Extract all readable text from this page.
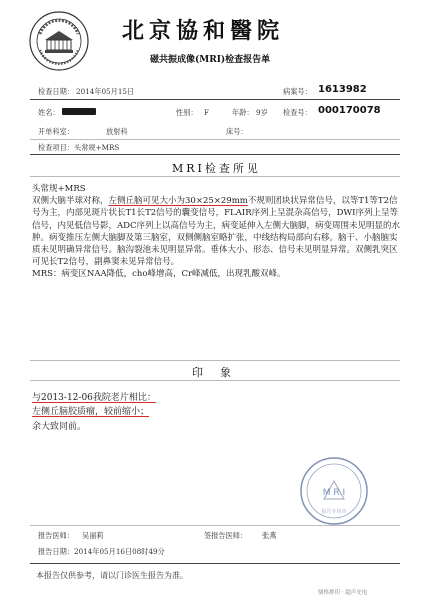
北京協和醫院
磁共振成像(MRI)检查报告单
检查日期： 2014年05月15日	病案号： 1613982
姓名：	性别： F	年龄： 9岁 检查号： 000170078
开单科室：	放射科	床号：
检查项目： 头常规+MRS
MRI检查所见

头常规+MRS

双侧大脑半球对称，左侧丘脑可见大小为30×25×29mm不规则团块状异常信号，以等T1等T2信号为主，内部见斑片状长T1长T2信号的囊变信号，FLAIR序列上呈混杂高信号，DWI序列上呈等信号，内见低信号影，ADC序列上以高信号为主，病变延伸入左侧大脑脚，病变周围未见明显的水肿。病变推压左侧大脑脚及第三脑室，双侧侧脑室略扩张，中线结构局部向右移。脑干、小脑脑实质未见明确异常信号。脑沟裂池未见明显异常。垂体大小、形态、信号未见明显异常。双侧乳突区可见长T2信号，副鼻窦未见异常信号。

MRS：病变区NAA降低，cho峰增高，Cr峰减低，出现乳酸双峰。

印　象
与2013-12-06我院老片相比：
左侧丘脑胶质瘤，较前缩小；
余大致同前。
M R I
报告专用章
报告医师： 吴丽莉	签报告医师： 张燕
报告日期： 2014年05月16日08时49分
本报告仅供参考，请以门诊医生报告为准。
鼎格排印 · 超声光电
